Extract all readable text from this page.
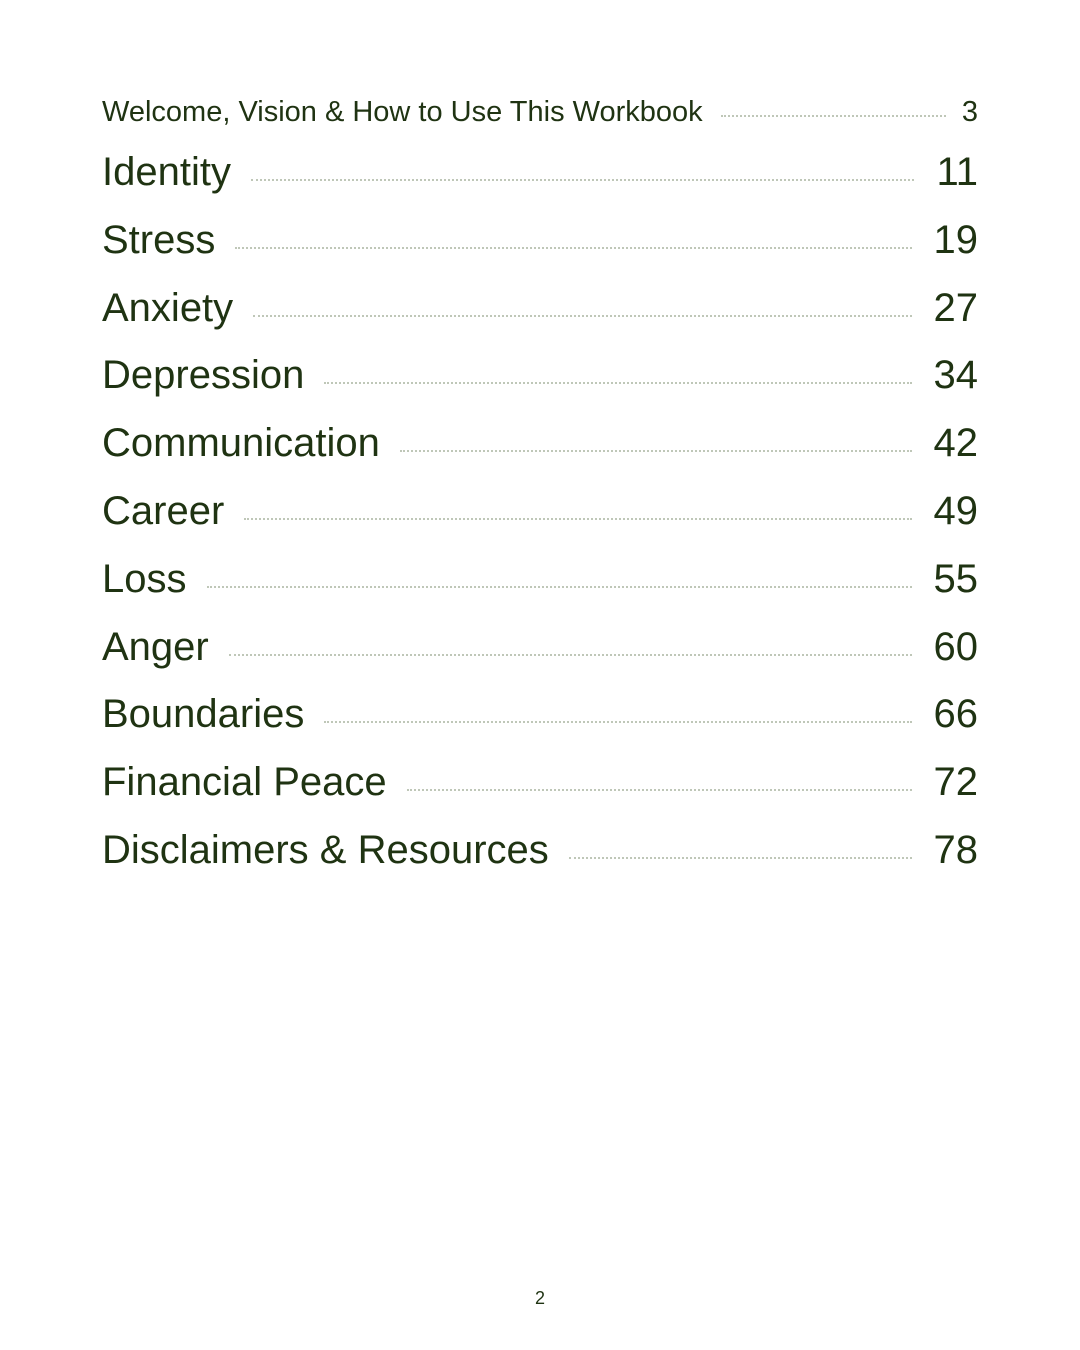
Welcome, Vision & How to Use This Workbook	3
Identity	11
Stress	19
Anxiety	27
Depression	34
Communication	42
Career	49
Loss	55
Anger	60
Boundaries	66
Financial Peace	72
Disclaimers & Resources	78
2
